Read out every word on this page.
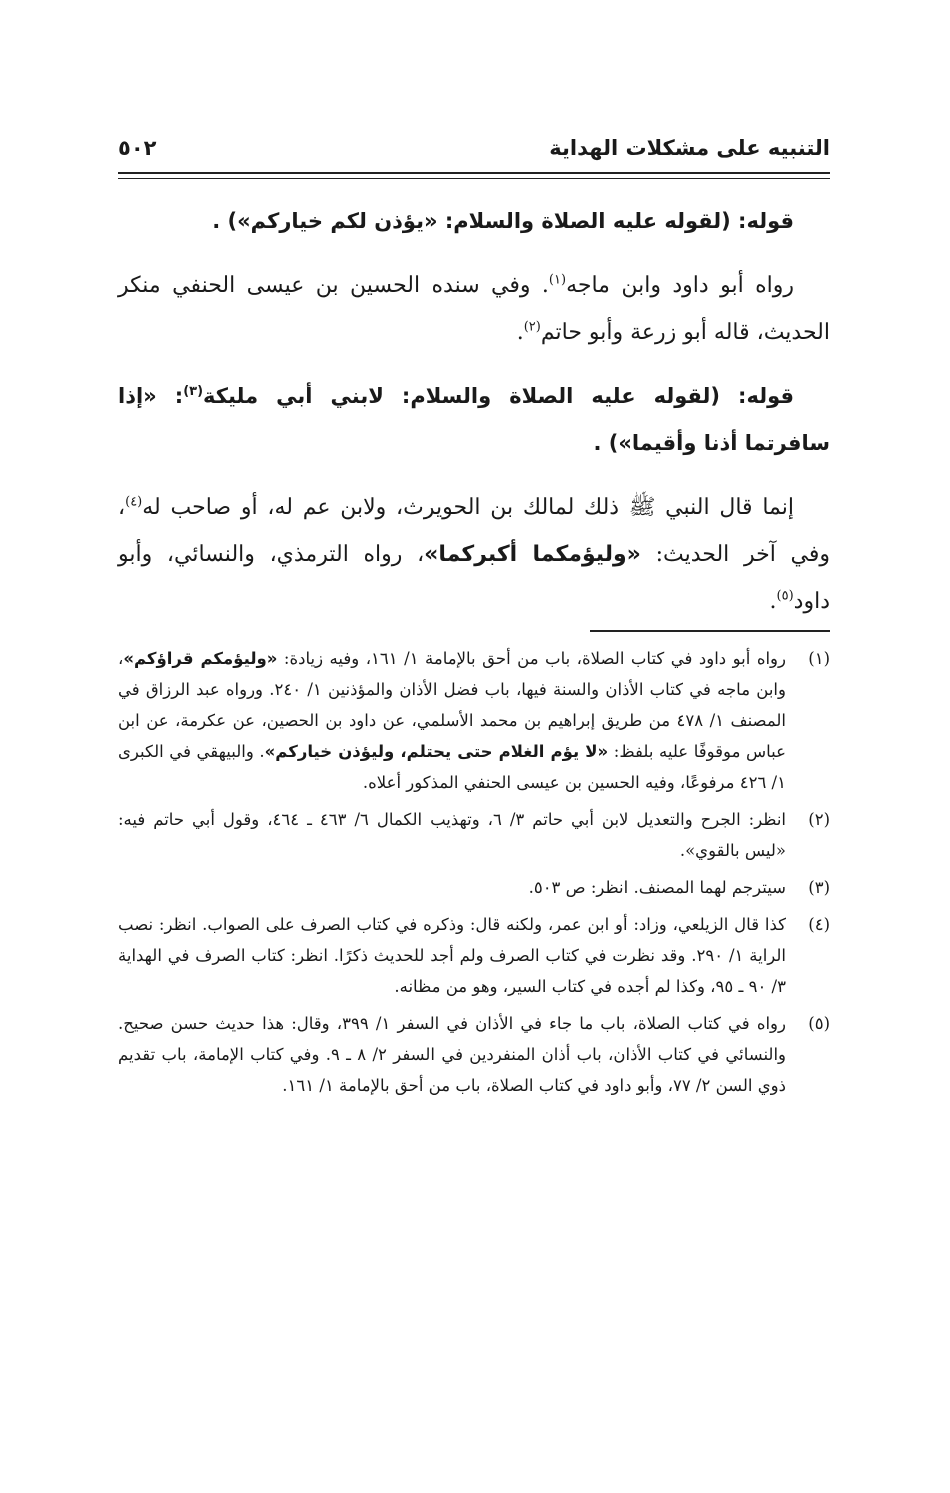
التنبيه على مشكلات الهداية
٥٠٢

قوله: (لقوله عليه الصلاة والسلام: «يؤذن لكم خياركم») .

رواه أبو داود وابن ماجه$^{(١)}$. وفي سنده الحسين بن عيسى الحنفي منكر الحديث، قاله أبو زرعة وأبو حاتم$^{(٢)}$.

قوله: (لقوله عليه الصلاة والسلام: لابني أبي مليكة$^{(٣)}$: «إذا سافرتما أذنا وأقيما») .

إنما قال النبي ﷺ ذلك لمالك بن الحويرث، ولابن عم له، أو صاحب له$^{(٤)}$، وفي آخر الحديث: «وليؤمكما أكبركما»، رواه الترمذي، والنسائي، وأبو داود$^{(٥)}$.

(١)
رواه أبو داود في كتاب الصلاة، باب من أحق بالإمامة ١/ ١٦١، وفيه زيادة: «وليؤمكم قراؤكم»، وابن ماجه في كتاب الأذان والسنة فيها، باب فضل الأذان والمؤذنين ١/ ٢٤٠. ورواه عبد الرزاق في المصنف ١/ ٤٧٨ من طريق إبراهيم بن محمد الأسلمي، عن داود بن الحصين، عن عكرمة، عن ابن عباس موقوفًا عليه بلفظ: «لا يؤم الغلام حتى يحتلم، وليؤذن خياركم». والبيهقي في الكبرى ١/ ٤٢٦ مرفوعًا، وفيه الحسين بن عيسى الحنفي المذكور أعلاه.
(٢)
انظر: الجرح والتعديل لابن أبي حاتم ٣/ ٦، وتهذيب الكمال ٦/ ٤٦٣ ـ ٤٦٤، وقول أبي حاتم فيه: «ليس بالقوي».
(٣)
سيترجم لهما المصنف. انظر: ص ٥٠٣.
(٤)
كذا قال الزيلعي، وزاد: أو ابن عمر، ولكنه قال: وذكره في كتاب الصرف على الصواب. انظر: نصب الراية ١/ ٢٩٠. وقد نظرت في كتاب الصرف ولم أجد للحديث ذكرًا. انظر: كتاب الصرف في الهداية ٣/ ٩٠ ـ ٩٥، وكذا لم أجده في كتاب السير، وهو من مظانه.
(٥)
رواه في كتاب الصلاة، باب ما جاء في الأذان في السفر ١/ ٣٩٩، وقال: هذا حديث حسن صحيح. والنسائي في كتاب الأذان، باب أذان المنفردين في السفر ٢/ ٨ ـ ٩. وفي كتاب الإمامة، باب تقديم ذوي السن ٢/ ٧٧، وأبو داود في كتاب الصلاة، باب من أحق بالإمامة ١/ ١٦١.
